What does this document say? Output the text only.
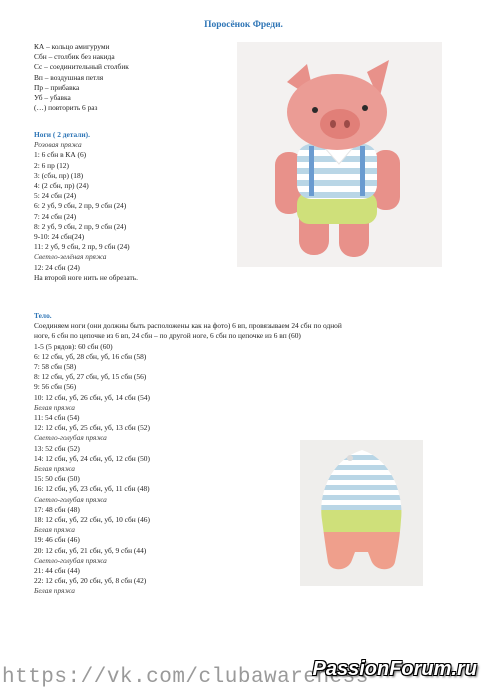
Поросёнок Фреди.
КА – кольцо амигуруми
Сбн – столбик без накида
Сс – соединительный столбик
Вп – воздушная петля
Пр – прибавка
Уб – убавка
(…) повторить 6 раз
Ноги ( 2 детали).
Розовая пряжа
1: 6 сбн в КА (6)
2: 6 пр (12)
3: (сбн, пр) (18)
4: (2 сбн, пр) (24)
5: 24 сбн (24)
6: 2 уб, 9 сбн, 2 пр, 9 сбн (24)
7: 24 сбн (24)
8: 2 уб, 9 сбн, 2 пр, 9 сбн (24)
9-10: 24 сбн(24)
11: 2 уб, 9 сбн, 2 пр, 9 сбн (24)
Светло-зелёная пряжа
12: 24 сбн (24)
На второй ноге нить не обрезать.
Тело.
Соединяем ноги (они должны быть расположены как на фото) 6 вп, провязываем 24 сбн по одной
ноге, 6 сбн по цепочке из 6 вп, 24 сбн – по другой ноге, 6 сбн по цепочке из 6 вп (60)
1-5 (5 рядов): 60 сбн (60)
6: 12 сбн, уб, 28 сбн, уб, 16 сбн (58)
7: 58 сбн (58)
8: 12 сбн, уб, 27 сбн, уб, 15 сбн (56)
9: 56 сбн (56)
10: 12 сбн, уб, 26 сбн, уб, 14 сбн (54)
Белая пряжа
11: 54 сбн (54)
12: 12 сбн, уб, 25 сбн, уб, 13 сбн (52)
Светло-голубая пряжа
13: 52 сбн (52)
14: 12 сбн, уб, 24 сбн, уб, 12 сбн (50)
Белая пряжа
15: 50 сбн (50)
16: 12 сбн, уб, 23 сбн, уб, 11 сбн (48)
Светло-голубая пряжа
17: 48 сбн (48)
18: 12 сбн, уб, 22 сбн, уб, 10 сбн (46)
Белая пряжа
19: 46 сбн (46)
20: 12 сбн, уб, 21 сбн, уб, 9 сбн (44)
Светло-голубая пряжа
21: 44 сбн (44)
22: 12 сбн, уб, 20 сбн, уб, 8 сбн (42)
Белая пряжа
https://vk.com/clubawareness
PassionForum.ru
